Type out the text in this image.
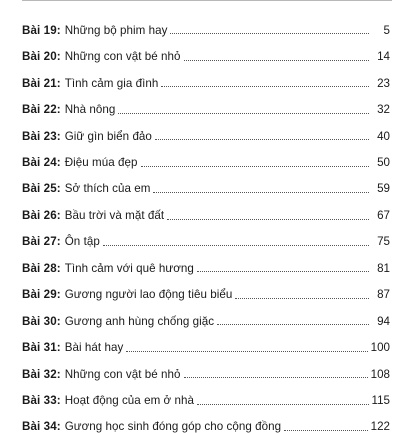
Bài 19: Những bộ phim hay	5
Bài 20: Những con vật bé nhỏ	14
Bài 21: Tình cảm gia đình	23
Bài 22: Nhà nông	32
Bài 23: Giữ gìn biển đảo	40
Bài 24: Điệu múa đẹp	50
Bài 25: Sở thích của em	59
Bài 26: Bầu trời và mặt đất	67
Bài 27: Ôn tập	75
Bài 28: Tình cảm với quê hương	81
Bài 29: Gương người lao động tiêu biểu	87
Bài 30: Gương anh hùng chống giặc	94
Bài 31: Bài hát hay	100
Bài 32: Những con vật bé nhỏ	108
Bài 33: Hoạt động của em ở nhà	115
Bài 34: Gương học sinh đóng góp cho cộng đồng	122
